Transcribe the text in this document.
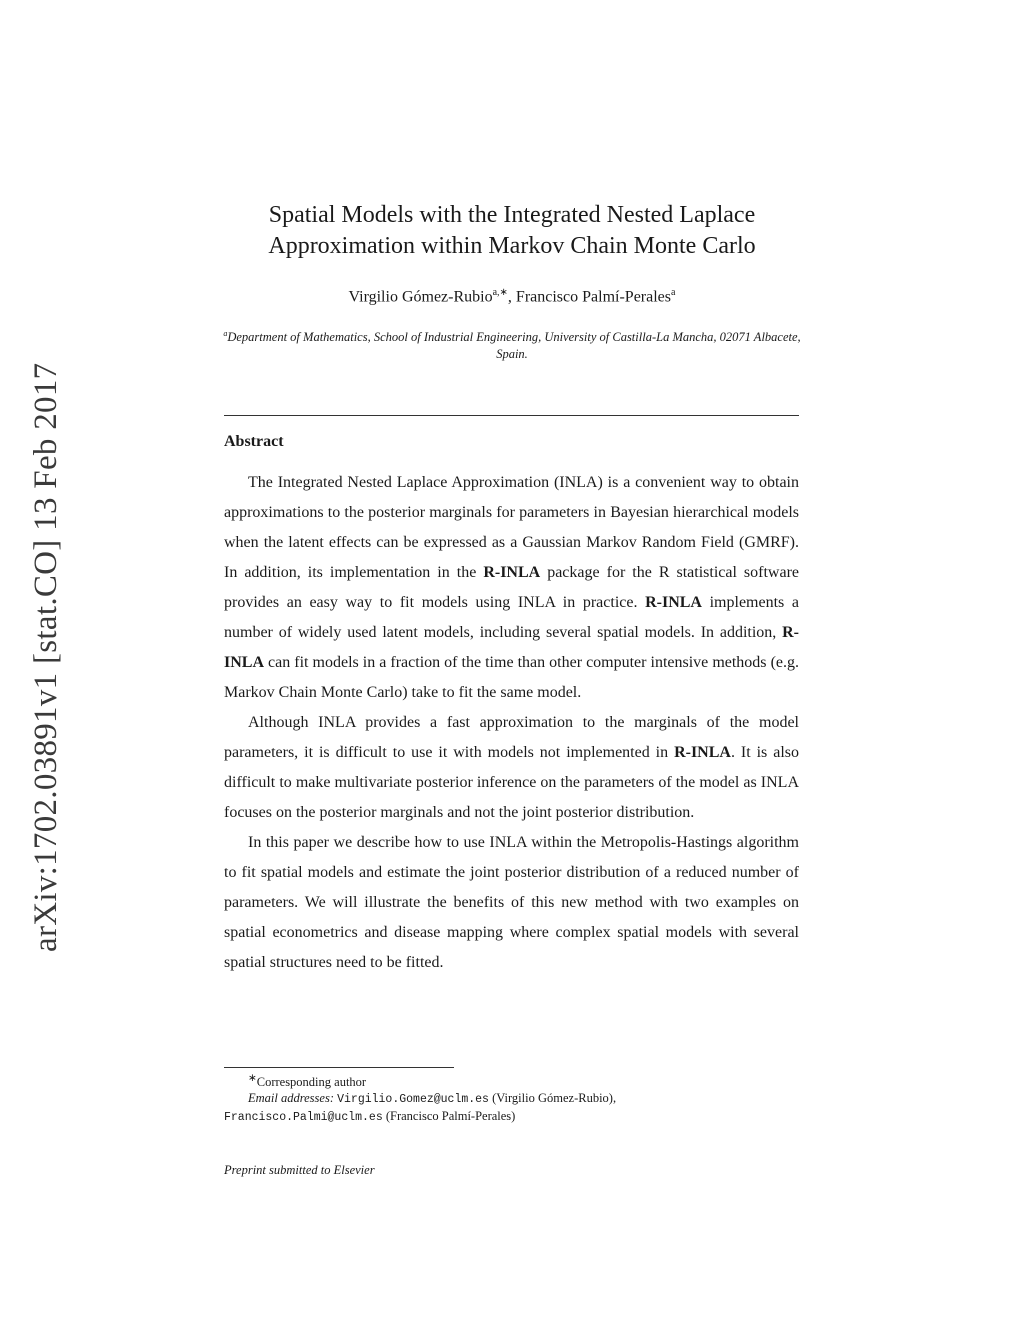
arXiv:1702.03891v1 [stat.CO] 13 Feb 2017
Spatial Models with the Integrated Nested Laplace
Approximation within Markov Chain Monte Carlo
Virgilio Gómez-Rubio$^{a,∗}$, Francisco Palmí-Perales$^a$
$^a$Department of Mathematics, School of Industrial Engineering, University of Castilla-La Mancha, 02071 Albacete, Spain.
Abstract

The Integrated Nested Laplace Approximation (INLA) is a convenient way to obtain approximations to the posterior marginals for parameters in Bayesian hierarchical models when the latent effects can be expressed as a Gaussian Markov Random Field (GMRF). In addition, its implementation in the R-INLA package for the R statistical software provides an easy way to fit models using INLA in practice. R-INLA implements a number of widely used latent models, including several spatial models. In addition, R-INLA can fit models in a fraction of the time than other computer intensive methods (e.g. Markov Chain Monte Carlo) take to fit the same model.

Although INLA provides a fast approximation to the marginals of the model parameters, it is difficult to use it with models not implemented in R-INLA. It is also difficult to make multivariate posterior inference on the parameters of the model as INLA focuses on the posterior marginals and not the joint posterior distribution.

In this paper we describe how to use INLA within the Metropolis-Hastings algorithm to fit spatial models and estimate the joint posterior distribution of a reduced number of parameters. We will illustrate the benefits of this new method with two examples on spatial econometrics and disease mapping where complex spatial models with several spatial structures need to be fitted.

∗Corresponding author
Email addresses: Virgilio.Gomez@uclm.es (Virgilio Gómez-Rubio),
Francisco.Palmi@uclm.es (Francisco Palmí-Perales)
Preprint submitted to Elsevier
